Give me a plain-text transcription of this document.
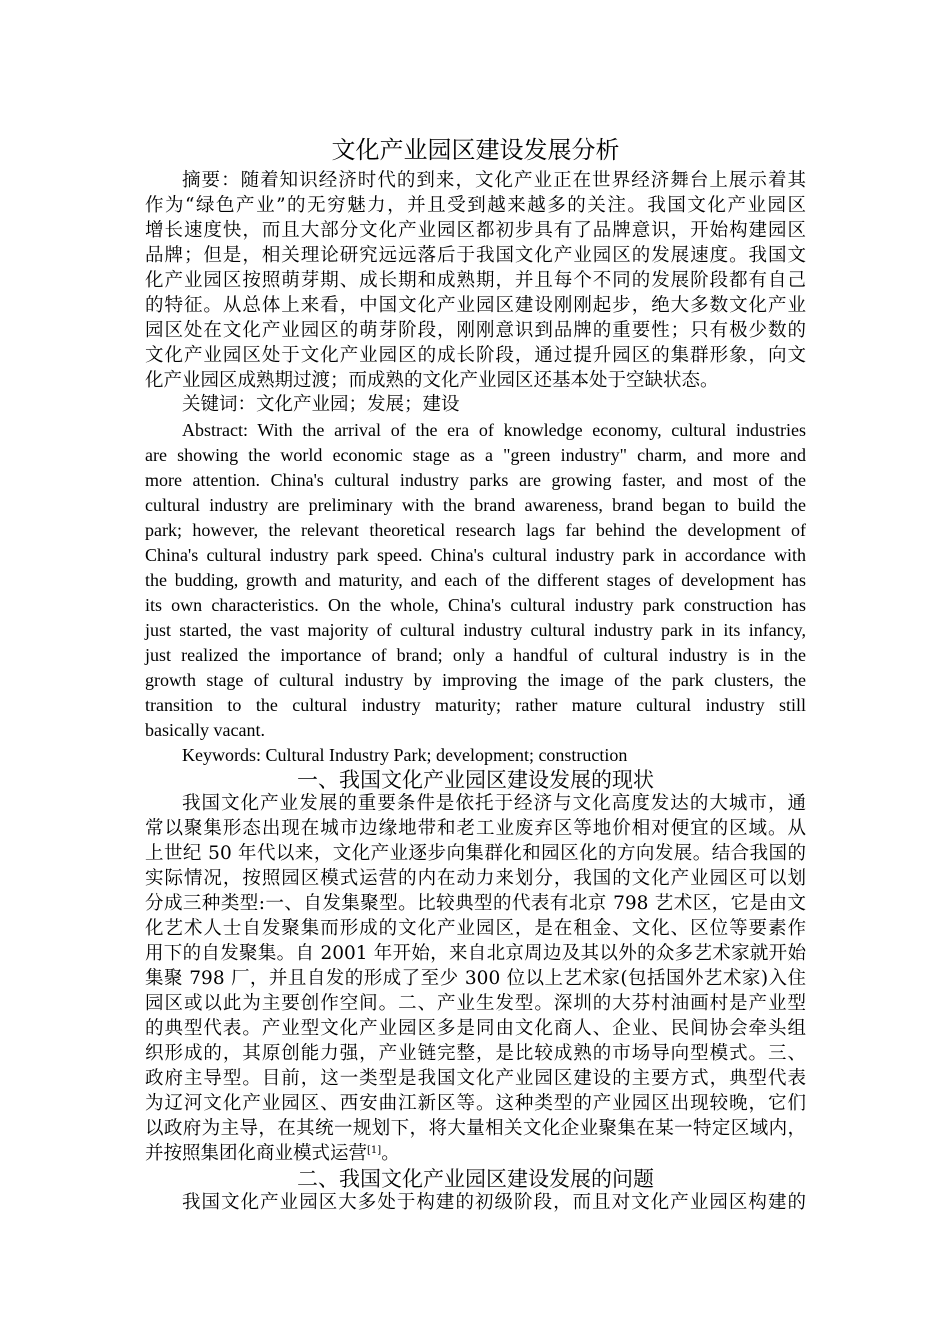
文化产业园区建设发展分析
摘要：随着知识经济时代的到来，文化产业正在世界经济舞台上展示着其
作为“绿色产业”的无穷魅力，并且受到越来越多的关注。我国文化产业园区
增长速度快，而且大部分文化产业园区都初步具有了品牌意识，开始构建园区
品牌；但是，相关理论研究远远落后于我国文化产业园区的发展速度。我国文
化产业园区按照萌芽期、成长期和成熟期，并且每个不同的发展阶段都有自己
的特征。从总体上来看，中国文化产业园区建设刚刚起步，绝大多数文化产业
园区处在文化产业园区的萌芽阶段，刚刚意识到品牌的重要性；只有极少数的
文化产业园区处于文化产业园区的成长阶段，通过提升园区的集群形象，向文
化产业园区成熟期过渡；而成熟的文化产业园区还基本处于空缺状态。
关键词：文化产业园；发展；建设
Abstract: With the arrival of the era of knowledge economy, cultural industries
are showing the world economic stage as a "green industry" charm, and more and
more attention. China's cultural industry parks are growing faster, and most of the
cultural industry are preliminary with the brand awareness, brand began to build the
park; however, the relevant theoretical research lags far behind the development of
China's cultural industry park speed. China's cultural industry park in accordance with
the budding, growth and maturity, and each of the different stages of development has
its own characteristics. On the whole, China's cultural industry park construction has
just started, the vast majority of cultural industry cultural industry park in its infancy,
just realized the importance of brand; only a handful of cultural industry is in the
growth stage of cultural industry by improving the image of the park clusters, the
transition to the cultural industry maturity; rather mature cultural industry still
basically vacant.
Keywords: Cultural Industry Park; development; construction
一、我国文化产业园区建设发展的现状
我国文化产业发展的重要条件是依托于经济与文化高度发达的大城市，通
常以聚集形态出现在城市边缘地带和老工业废弃区等地价相对便宜的区域。从
上世纪 50 年代以来，文化产业逐步向集群化和园区化的方向发展。结合我国的
实际情况，按照园区模式运营的内在动力来划分，我国的文化产业园区可以划
分成三种类型:一、自发集聚型。比较典型的代表有北京 798 艺术区，它是由文
化艺术人士自发聚集而形成的文化产业园区，是在租金、文化、区位等要素作
用下的自发聚集。自 2001 年开始，来自北京周边及其以外的众多艺术家就开始
集聚 798 厂，并且自发的形成了至少 300 位以上艺术家(包括国外艺术家)入住
园区或以此为主要创作空间。二、产业生发型。深圳的大芬村油画村是产业型
的典型代表。产业型文化产业园区多是同由文化商人、企业、民间协会牵头组
织形成的，其原创能力强，产业链完整，是比较成熟的市场导向型模式。三、
政府主导型。目前，这一类型是我国文化产业园区建设的主要方式，典型代表
为辽河文化产业园区、西安曲江新区等。这种类型的产业园区出现较晚，它们
以政府为主导，在其统一规划下，将大量相关文化企业聚集在某一特定区域内，
并按照集团化商业模式运营[1]。
二、我国文化产业园区建设发展的问题
我国文化产业园区大多处于构建的初级阶段，而且对文化产业园区构建的
